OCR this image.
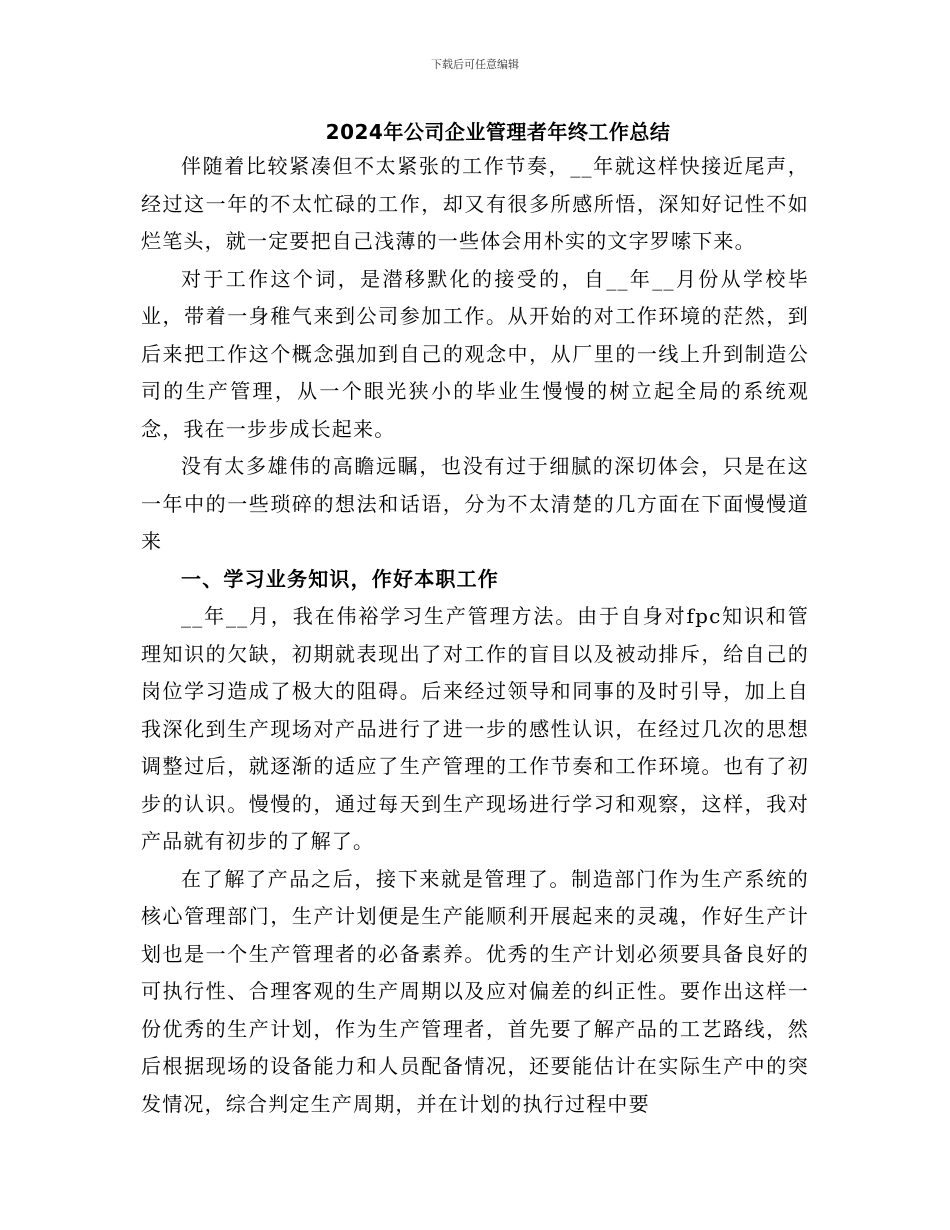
下载后可任意编辑
2024年公司企业管理者年终工作总结

伴随着比较紧凑但不太紧张的工作节奏，__年就这样快接近尾声，经过这一年的不太忙碌的工作，却又有很多所感所悟，深知好记性不如烂笔头，就一定要把自己浅薄的一些体会用朴实的文字罗嗦下来。

对于工作这个词，是潜移默化的接受的，自__年__月份从学校毕业，带着一身稚气来到公司参加工作。从开始的对工作环境的茫然，到后来把工作这个概念强加到自己的观念中，从厂里的一线上升到制造公司的生产管理，从一个眼光狭小的毕业生慢慢的树立起全局的系统观念，我在一步步成长起来。

没有太多雄伟的高瞻远瞩，也没有过于细腻的深切体会，只是在这一年中的一些琐碎的想法和话语，分为不太清楚的几方面在下面慢慢道来

一、学习业务知识，作好本职工作

__年__月，我在伟裕学习生产管理方法。由于自身对fpc知识和管理知识的欠缺，初期就表现出了对工作的盲目以及被动排斥，给自己的岗位学习造成了极大的阻碍。后来经过领导和同事的及时引导，加上自我深化到生产现场对产品进行了进一步的感性认识，在经过几次的思想调整过后，就逐渐的适应了生产管理的工作节奏和工作环境。也有了初步的认识。慢慢的，通过每天到生产现场进行学习和观察，这样，我对产品就有初步的了解了。

在了解了产品之后，接下来就是管理了。制造部门作为生产系统的核心管理部门，生产计划便是生产能顺利开展起来的灵魂，作好生产计划也是一个生产管理者的必备素养。优秀的生产计划必须要具备良好的可执行性、合理客观的生产周期以及应对偏差的纠正性。要作出这样一份优秀的生产计划，作为生产管理者，首先要了解产品的工艺路线，然后根据现场的设备能力和人员配备情况，还要能估计在实际生产中的突发情况，综合判定生产周期，并在计划的执行过程中要
